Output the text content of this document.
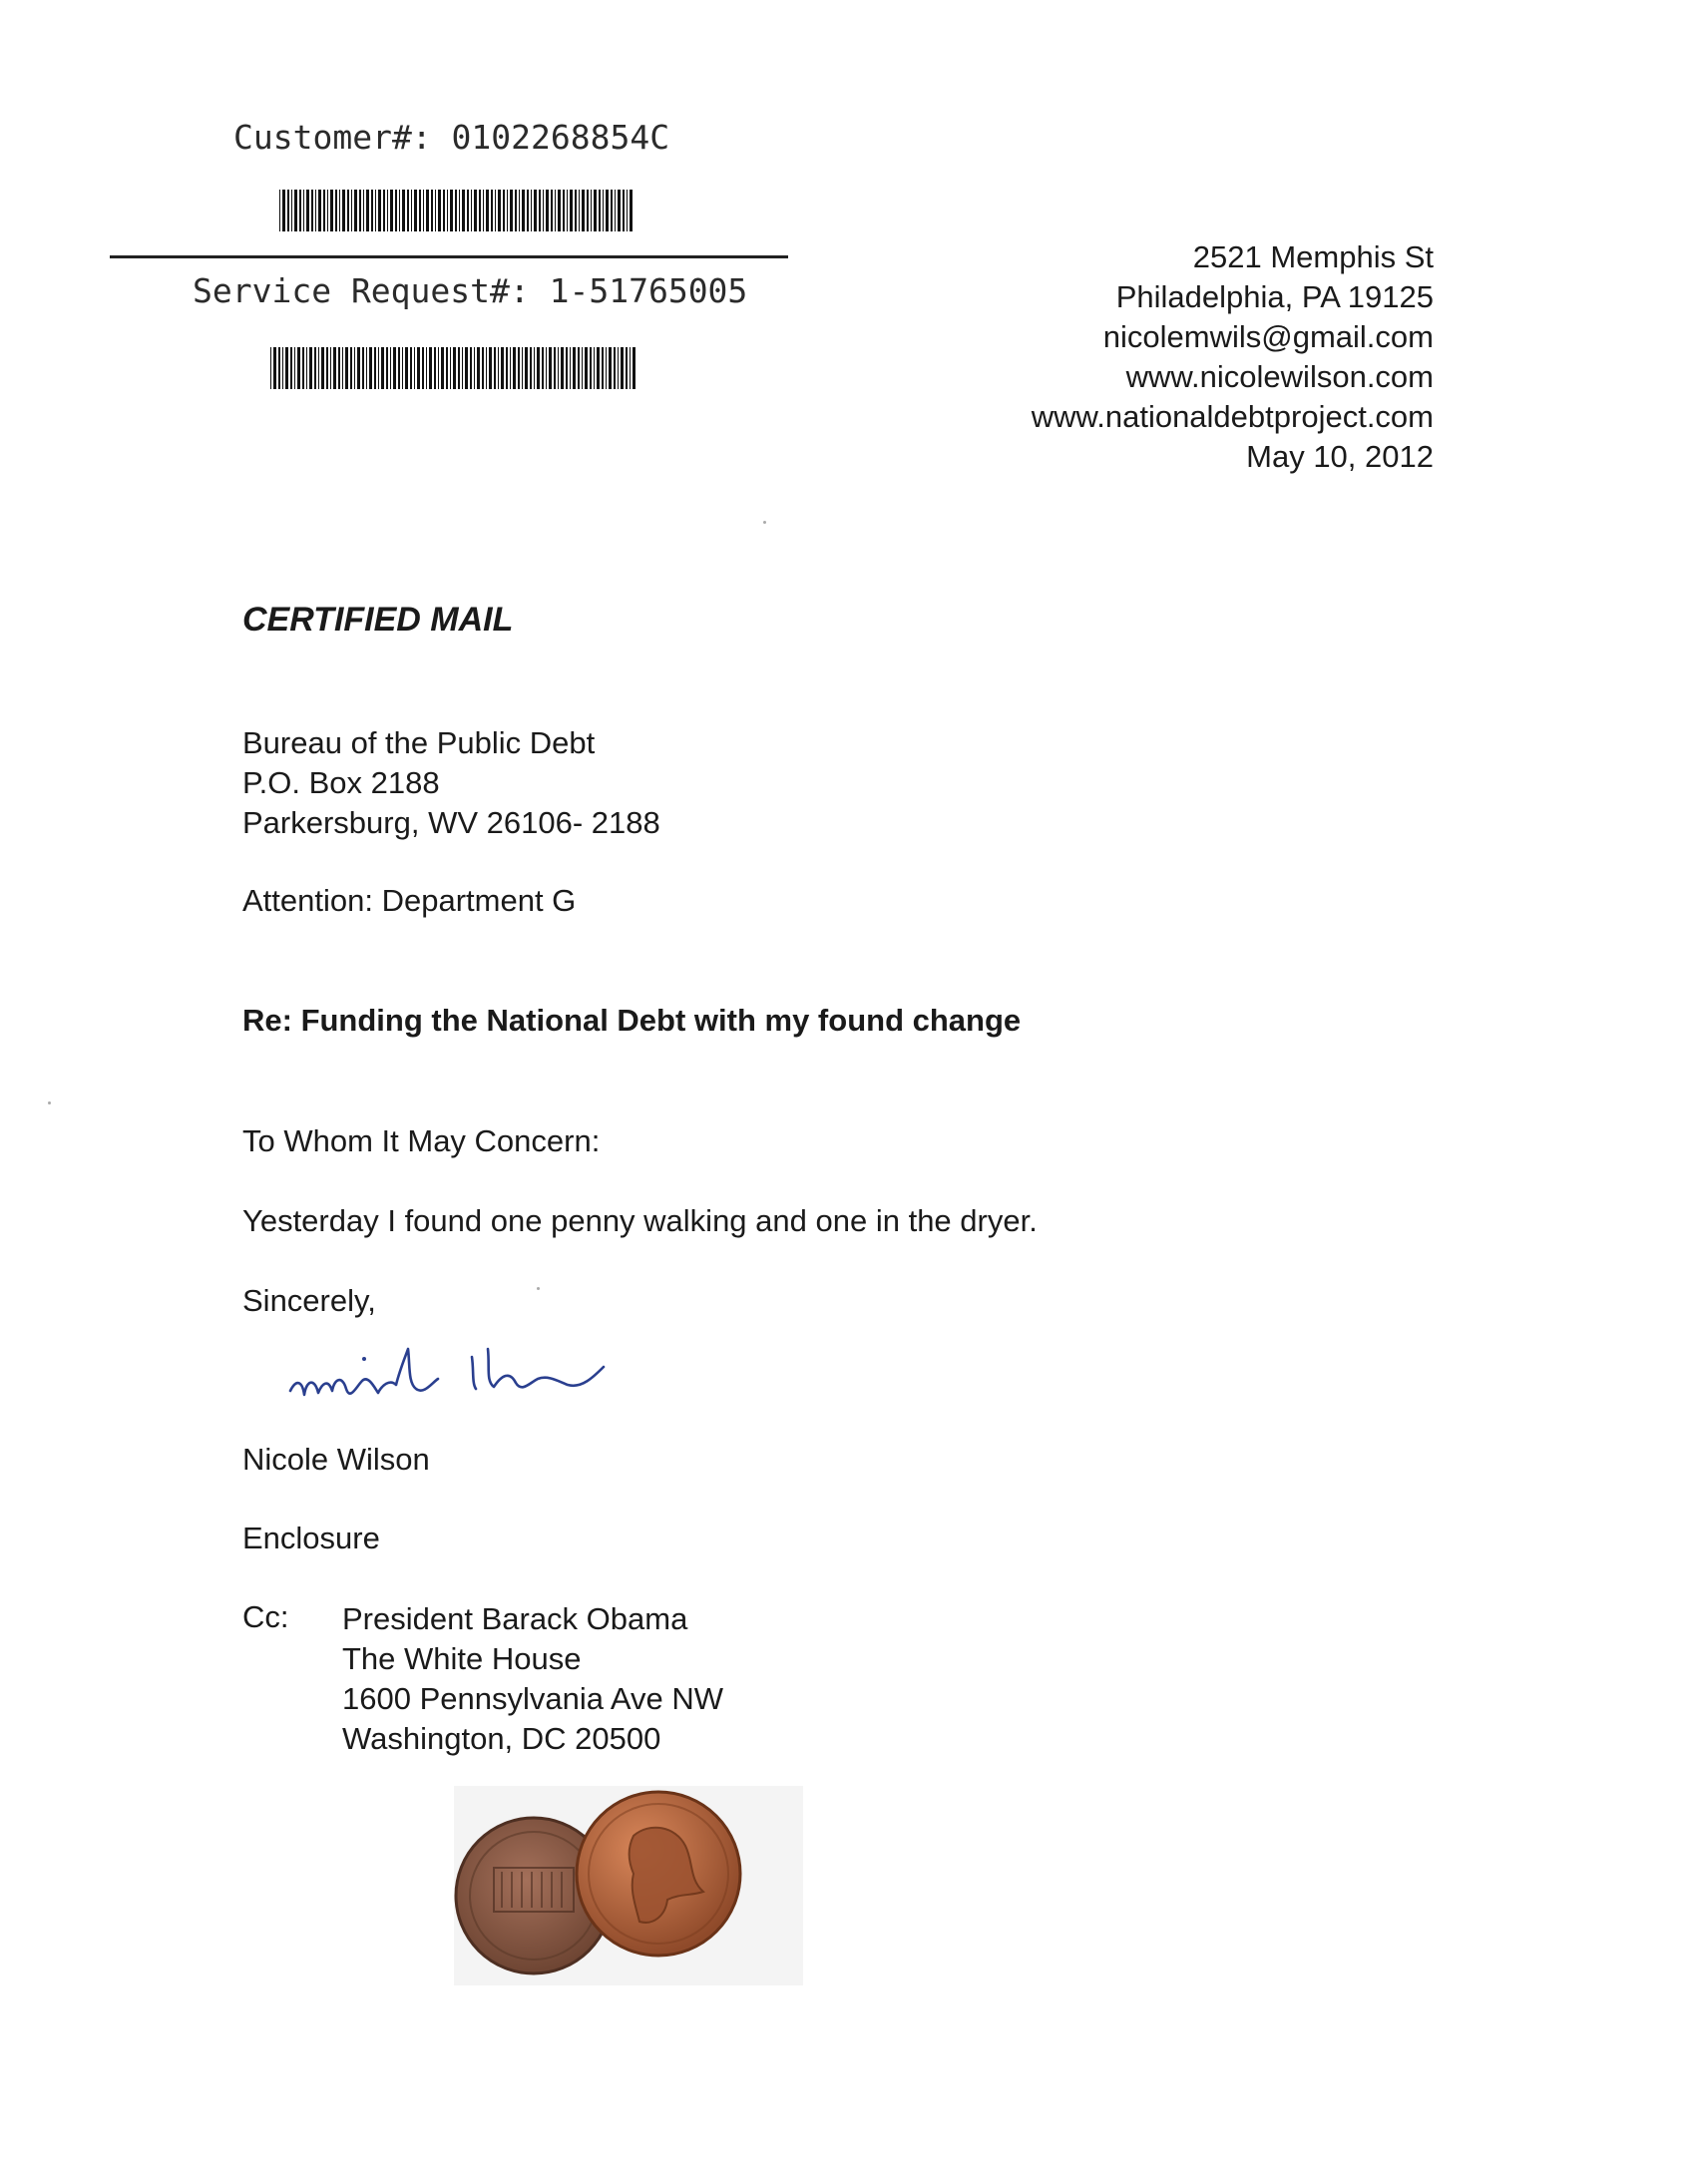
Customer#: 0102268854C
Service Request#: 1-51765005
2521 Memphis St
Philadelphia, PA 19125
nicolemwils@gmail.com
www.nicolewilson.com
www.nationaldebtproject.com
May 10, 2012
CERTIFIED MAIL
Bureau of the Public Debt
P.O. Box 2188
Parkersburg, WV 26106- 2188
Attention: Department G
Re: Funding the National Debt with my found change
To Whom It May Concern:
Yesterday I found one penny walking and one in the dryer.
Sincerely,
Nicole Wilson
Enclosure
Cc: President Barack Obama
The White House
1600 Pennsylvania Ave NW
Washington, DC 20500
